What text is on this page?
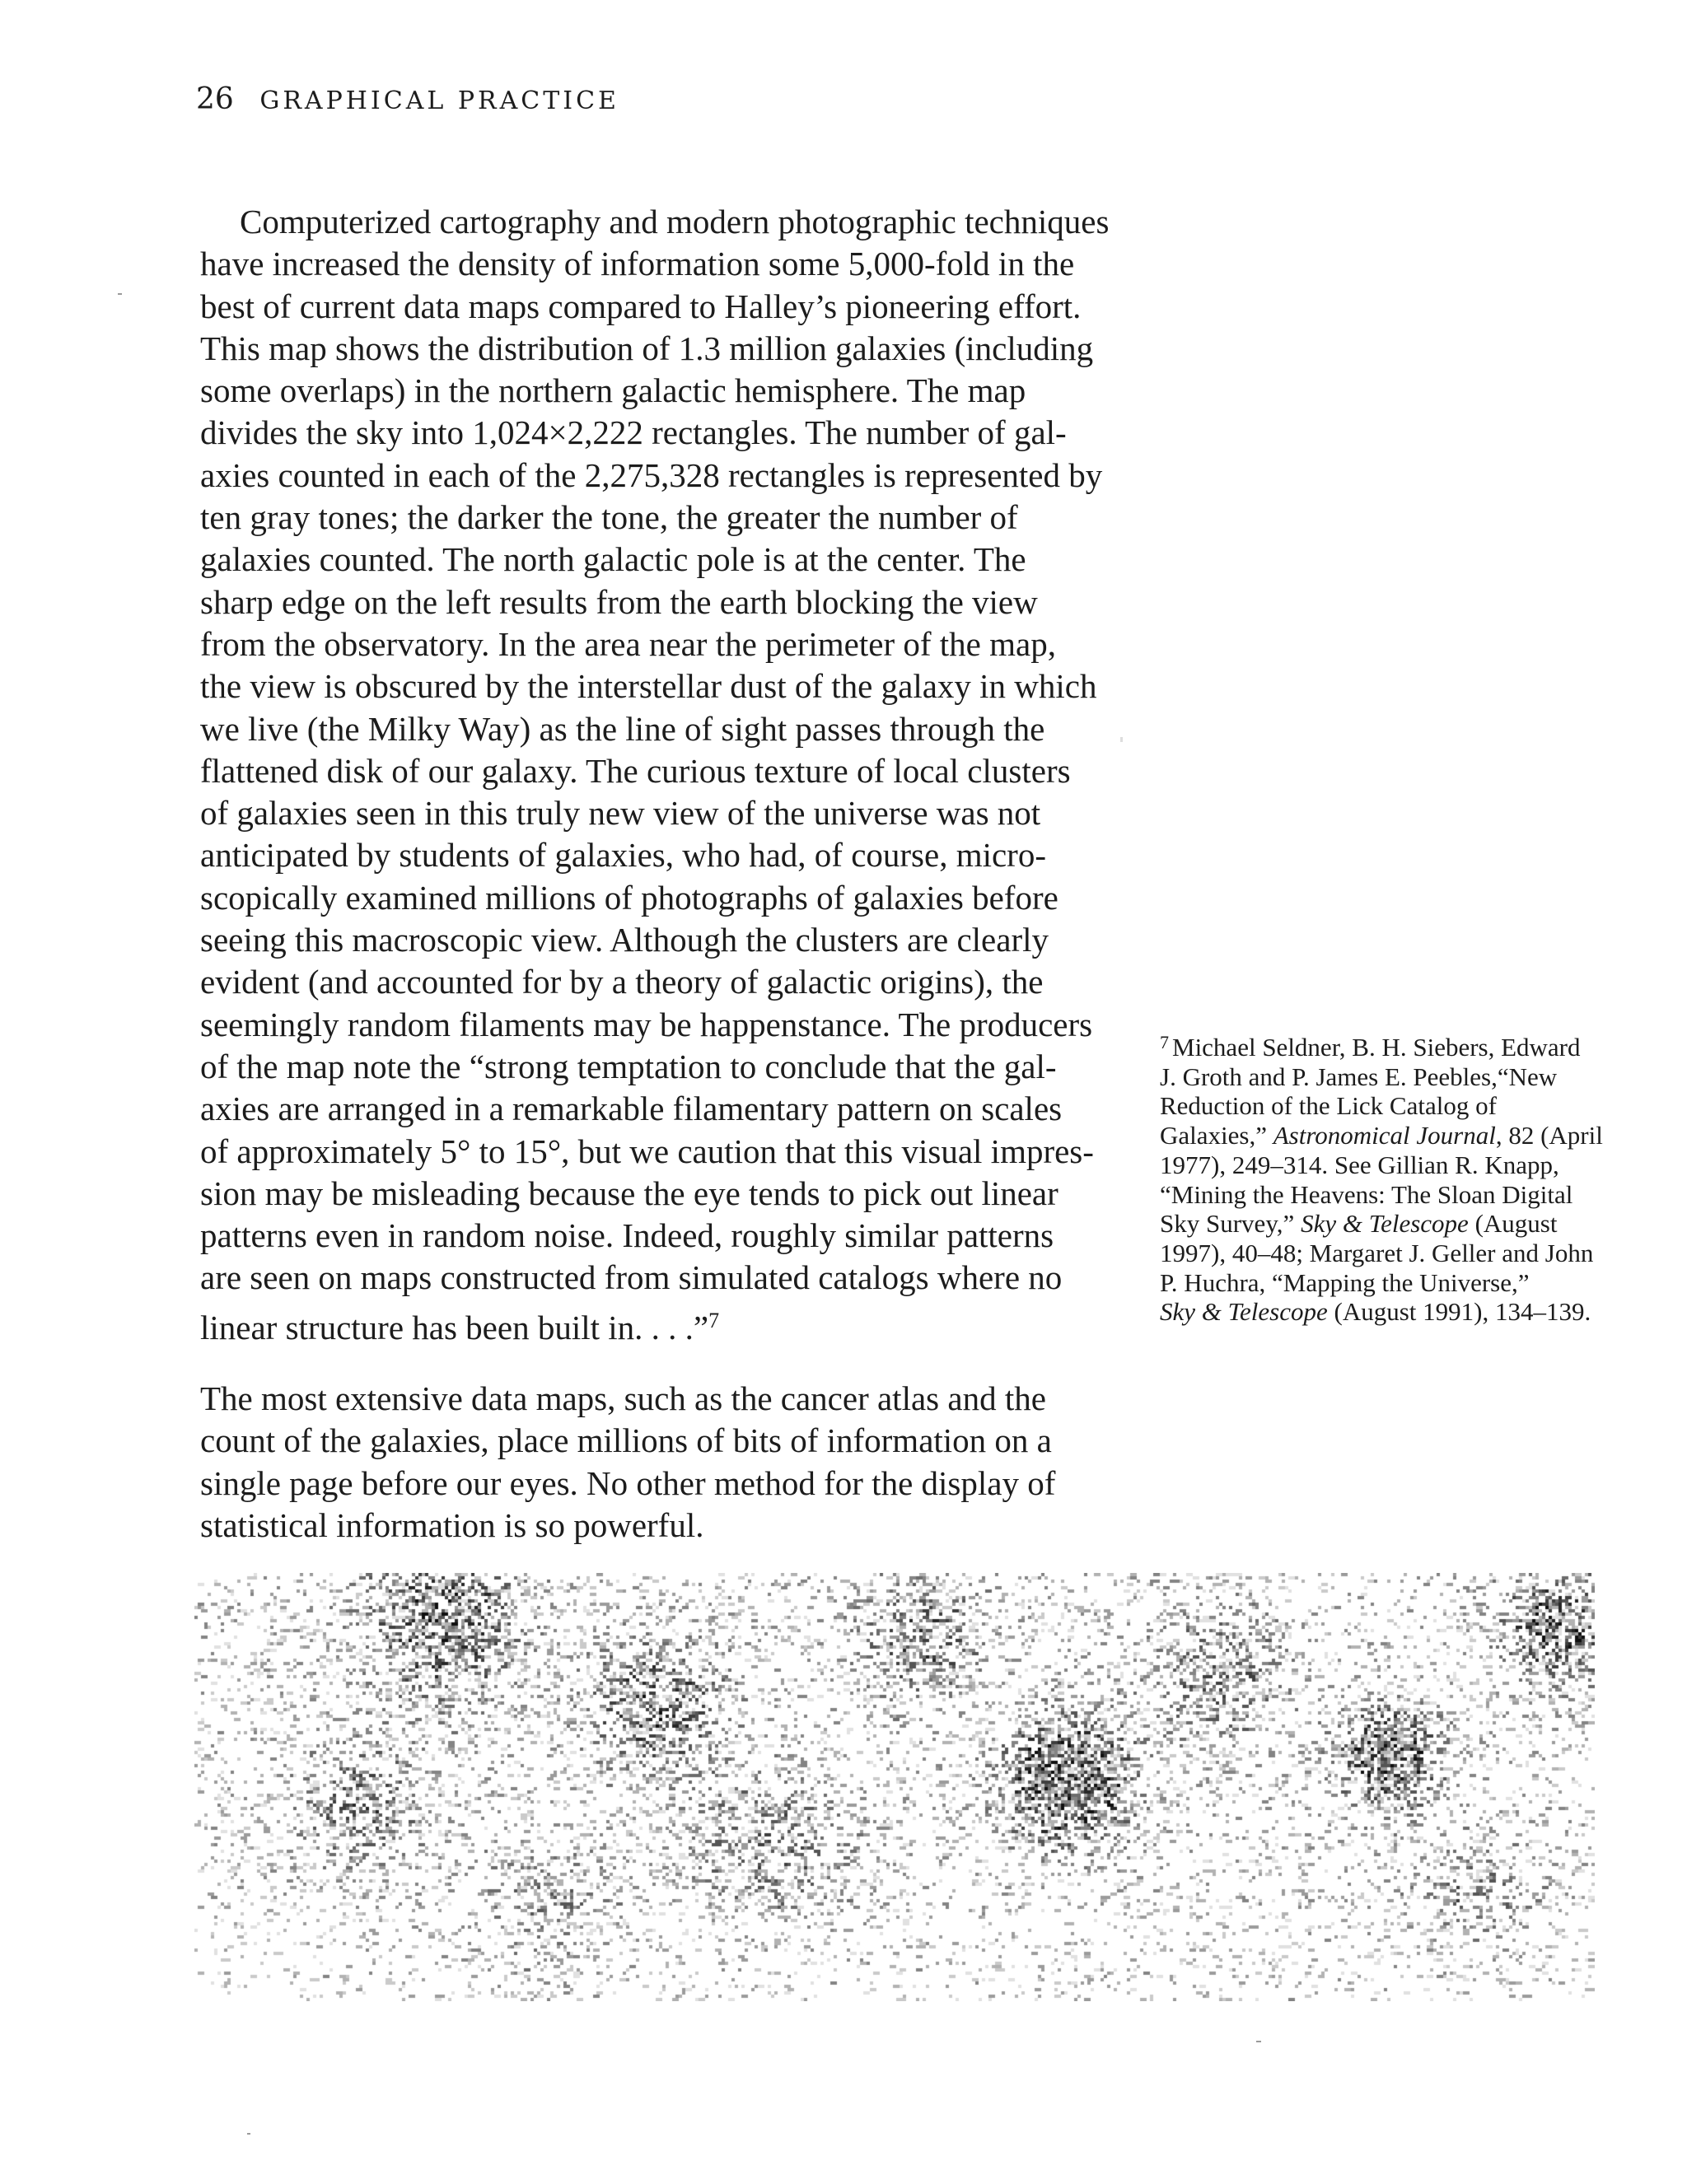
26 GRAPHICAL PRACTICE
Computerized cartography and modern photographic techniques
have increased the density of information some 5,000-fold in the
best of current data maps compared to Halley’s pioneering effort.
This map shows the distribution of 1.3 million galaxies (including
some overlaps) in the northern galactic hemisphere. The map
divides the sky into 1,024×2,222 rectangles. The number of gal-
axies counted in each of the 2,275,328 rectangles is represented by
ten gray tones; the darker the tone, the greater the number of
galaxies counted. The north galactic pole is at the center. The
sharp edge on the left results from the earth blocking the view
from the observatory. In the area near the perimeter of the map,
the view is obscured by the interstellar dust of the galaxy in which
we live (the Milky Way) as the line of sight passes through the
flattened disk of our galaxy. The curious texture of local clusters
of galaxies seen in this truly new view of the universe was not
anticipated by students of galaxies, who had, of course, micro-
scopically examined millions of photographs of galaxies before
seeing this macroscopic view. Although the clusters are clearly
evident (and accounted for by a theory of galactic origins), the
seemingly random filaments may be happenstance. The producers
of the map note the “strong temptation to conclude that the gal-
axies are arranged in a remarkable filamentary pattern on scales
of approximately 5° to 15°, but we caution that this visual impres-
sion may be misleading because the eye tends to pick out linear
patterns even in random noise. Indeed, roughly similar patterns
are seen on maps constructed from simulated catalogs where no
linear structure has been built in. . . .”$^7$
The most extensive data maps, such as the cancer atlas and the
count of the galaxies, place millions of bits of information on a
single page before our eyes. No other method for the display of
statistical information is so powerful.
$^7$ Michael Seldner, B. H. Siebers, Edward
J. Groth and P. James E. Peebles,“New
Reduction of the Lick Catalog of
Galaxies,” Astronomical Journal, 82 (April
1977), 249–314. See Gillian R. Knapp,
“Mining the Heavens: The Sloan Digital
Sky Survey,” Sky & Telescope (August
1997), 40–48; Margaret J. Geller and John
P. Huchra, “Mapping the Universe,”
Sky & Telescope (August 1991), 134–139.
